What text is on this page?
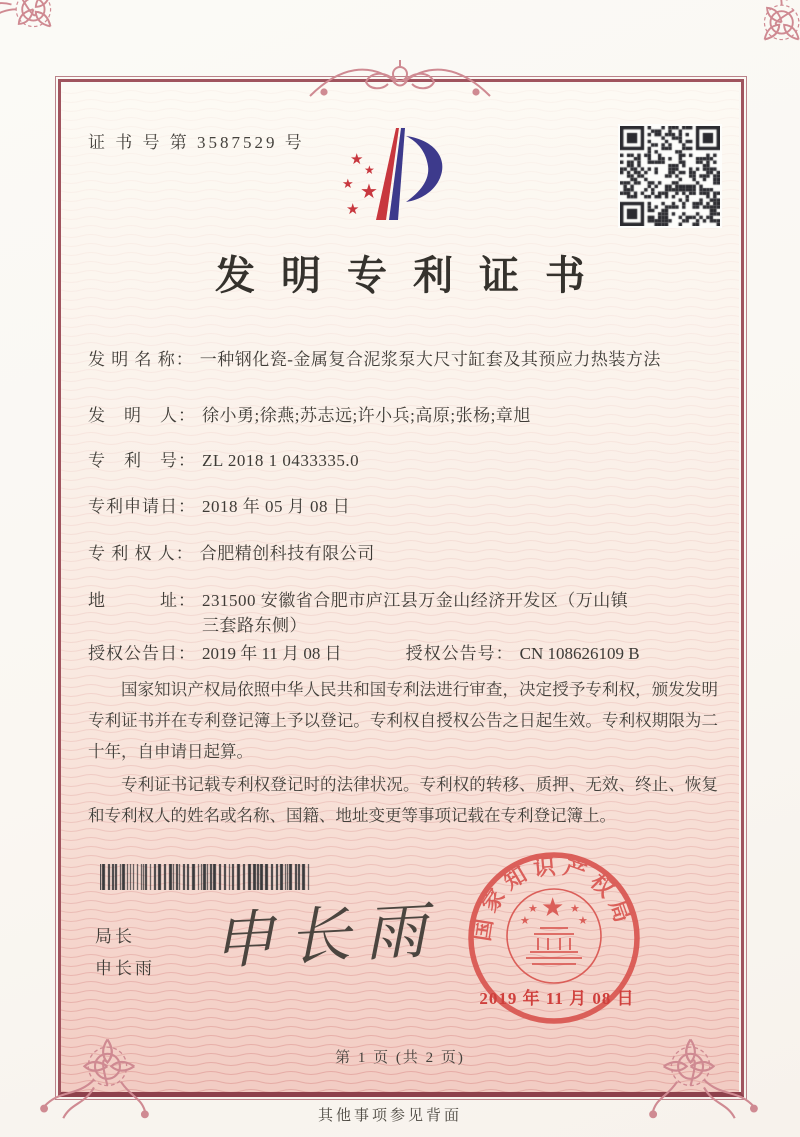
证 书 号 第 3587529 号
★
★
★ ★
★
发明专利证书
发 明 名 称： 一种钢化瓷-金属复合泥浆泵大尺寸缸套及其预应力热装方法
发　明　人： 徐小勇;徐燕;苏志远;许小兵;高原;张杨;章旭
专　利　号： ZL 2018 1 0433335.0
专利申请日： 2018 年 05 月 08 日
专 利 权 人： 合肥精创科技有限公司
地　　　址： 231500 安徽省合肥市庐江县万金山经济开发区（万山镇三套路东侧）
授权公告日： 2019 年 11 月 08 日	授权公告号： CN 108626109 B

国家知识产权局依照中华人民共和国专利法进行审查，决定授予专利权，颁发发明专利证书并在专利登记簿上予以登记。专利权自授权公告之日起生效。专利权期限为二十年，自申请日起算。

专利证书记载专利权登记时的法律状况。专利权的转移、质押、无效、终止、恢复和专利权人的姓名或名称、国籍、地址变更等事项记载在专利登记簿上。

局长
申长雨 申长雨 国家知识产权局
★
★	★
★	★
2019 年 11 月 08 日
第 1 页 (共 2 页)
其他事项参见背面
